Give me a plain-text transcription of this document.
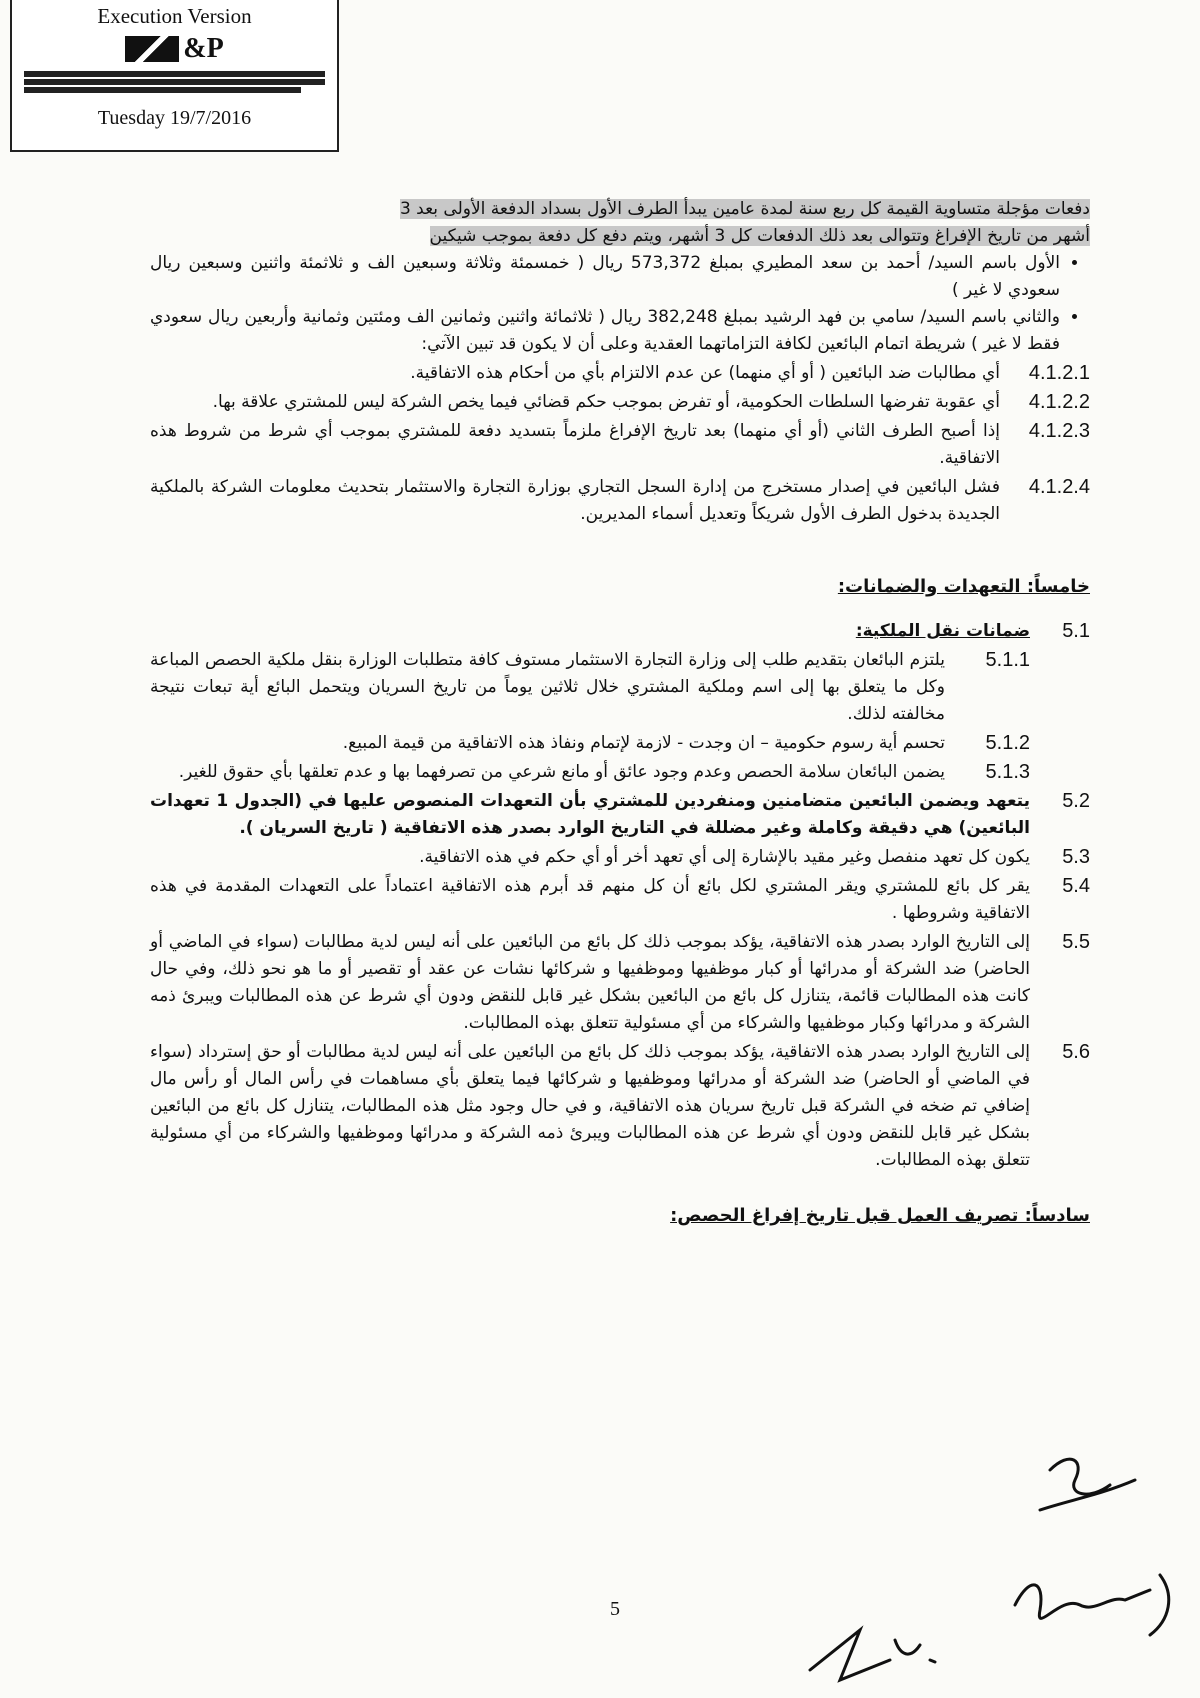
Execution Version
&P
Tuesday 19/7/2016

دفعات مؤجلة متساوية القيمة كل ربع سنة لمدة عامين يبدأ الطرف الأول بسداد الدفعة الأولى بعد 3
أشهر من تاريخ الإفراغ وتتوالى بعد ذلك الدفعات كل 3 أشهر، ويتم دفع كل دفعة بموجب شيكين

• الأول باسم السيد/ أحمد بن سعد المطيري بمبلغ 573,372 ريال ( خمسمئة وثلاثة وسبعين الف و ثلاثمئة واثنين وسبعين ريال سعودي لا غير )
• والثاني باسم السيد/ سامي بن فهد الرشيد بمبلغ 382,248 ريال ( ثلاثمائة واثنين وثمانين الف ومئتين وثمانية وأربعين ريال سعودي فقط لا غير ) شريطة اتمام البائعين لكافة التزاماتهما العقدية وعلى أن لا يكون قد تبين الآتي:
4.1.2.1
أي مطالبات ضد البائعين ( أو أي منهما) عن عدم الالتزام بأي من أحكام هذه الاتفاقية.
4.1.2.2
أي عقوبة تفرضها السلطات الحكومية، أو تفرض بموجب حكم قضائي فيما يخص الشركة ليس للمشتري علاقة بها.
4.1.2.3
إذا أصبح الطرف الثاني (أو أي منهما) بعد تاريخ الإفراغ ملزماً بتسديد دفعة للمشتري بموجب أي شرط من شروط هذه الاتفاقية.
4.1.2.4
فشل البائعين في إصدار مستخرج من إدارة السجل التجاري بوزارة التجارة والاستثمار بتحديث معلومات الشركة بالملكية الجديدة بدخول الطرف الأول شريكاً وتعديل أسماء المديرين.

خامساً: التعهدات والضمانات:

5.1
ضمانات نقل الملكية:
5.1.1
يلتزم البائعان بتقديم طلب إلى وزارة التجارة الاستثمار مستوف كافة متطلبات الوزارة بنقل ملكية الحصص المباعة وكل ما يتعلق بها إلى اسم وملكية المشتري خلال ثلاثين يوماً من تاريخ السريان ويتحمل البائع أية تبعات نتيجة مخالفته لذلك.
5.1.2
تحسم أية رسوم حكومية – ان وجدت - لازمة لإتمام ونفاذ هذه الاتفاقية من قيمة المبيع.
5.1.3
يضمن البائعان سلامة الحصص وعدم وجود عائق أو مانع شرعي من تصرفهما بها و عدم تعلقها بأي حقوق للغير.
5.2
يتعهد ويضمن البائعين متضامنين ومنفردين للمشتري بأن التعهدات المنصوص عليها في (الجدول 1 تعهدات البائعين) هي دقيقة وكاملة وغير مضللة في التاريخ الوارد بصدر هذه الاتفاقية ( تاريخ السريان ).
5.3
يكون كل تعهد منفصل وغير مقيد بالإشارة إلى أي تعهد أخر أو أي حكم في هذه الاتفاقية.
5.4
يقر كل بائع للمشتري ويقر المشتري لكل بائع أن كل منهم قد أبرم هذه الاتفاقية اعتماداً على التعهدات المقدمة في هذه الاتفاقية وشروطها .
5.5
إلى التاريخ الوارد بصدر هذه الاتفاقية، يؤكد بموجب ذلك كل بائع من البائعين على أنه ليس لدية مطالبات (سواء في الماضي أو الحاضر) ضد الشركة أو مدرائها أو كبار موظفيها وموظفيها و شركائها نشات عن عقد أو تقصير أو ما هو نحو ذلك، وفي حال كانت هذه المطالبات قائمة، يتنازل كل بائع من البائعين بشكل غير قابل للنقض ودون أي شرط عن هذه المطالبات ويبرئ ذمه الشركة و مدرائها وكبار موظفيها والشركاء من أي مسئولية تتعلق بهذه المطالبات.
5.6
إلى التاريخ الوارد بصدر هذه الاتفاقية، يؤكد بموجب ذلك كل بائع من البائعين على أنه ليس لدية مطالبات أو حق إسترداد (سواء في الماضي أو الحاضر) ضد الشركة أو مدرائها وموظفيها و شركائها فيما يتعلق بأي مساهمات في رأس المال أو رأس مال إضافي تم ضخه في الشركة قبل تاريخ سريان هذه الاتفاقية، و في حال وجود مثل هذه المطالبات، يتنازل كل بائع من البائعين بشكل غير قابل للنقض ودون أي شرط عن هذه المطالبات ويبرئ ذمه الشركة و مدرائها وموظفيها والشركاء من أي مسئولية تتعلق بهذه المطالبات.

سادساً: تصريف العمل قبل تاريخ إفراغ الحصص:

5
